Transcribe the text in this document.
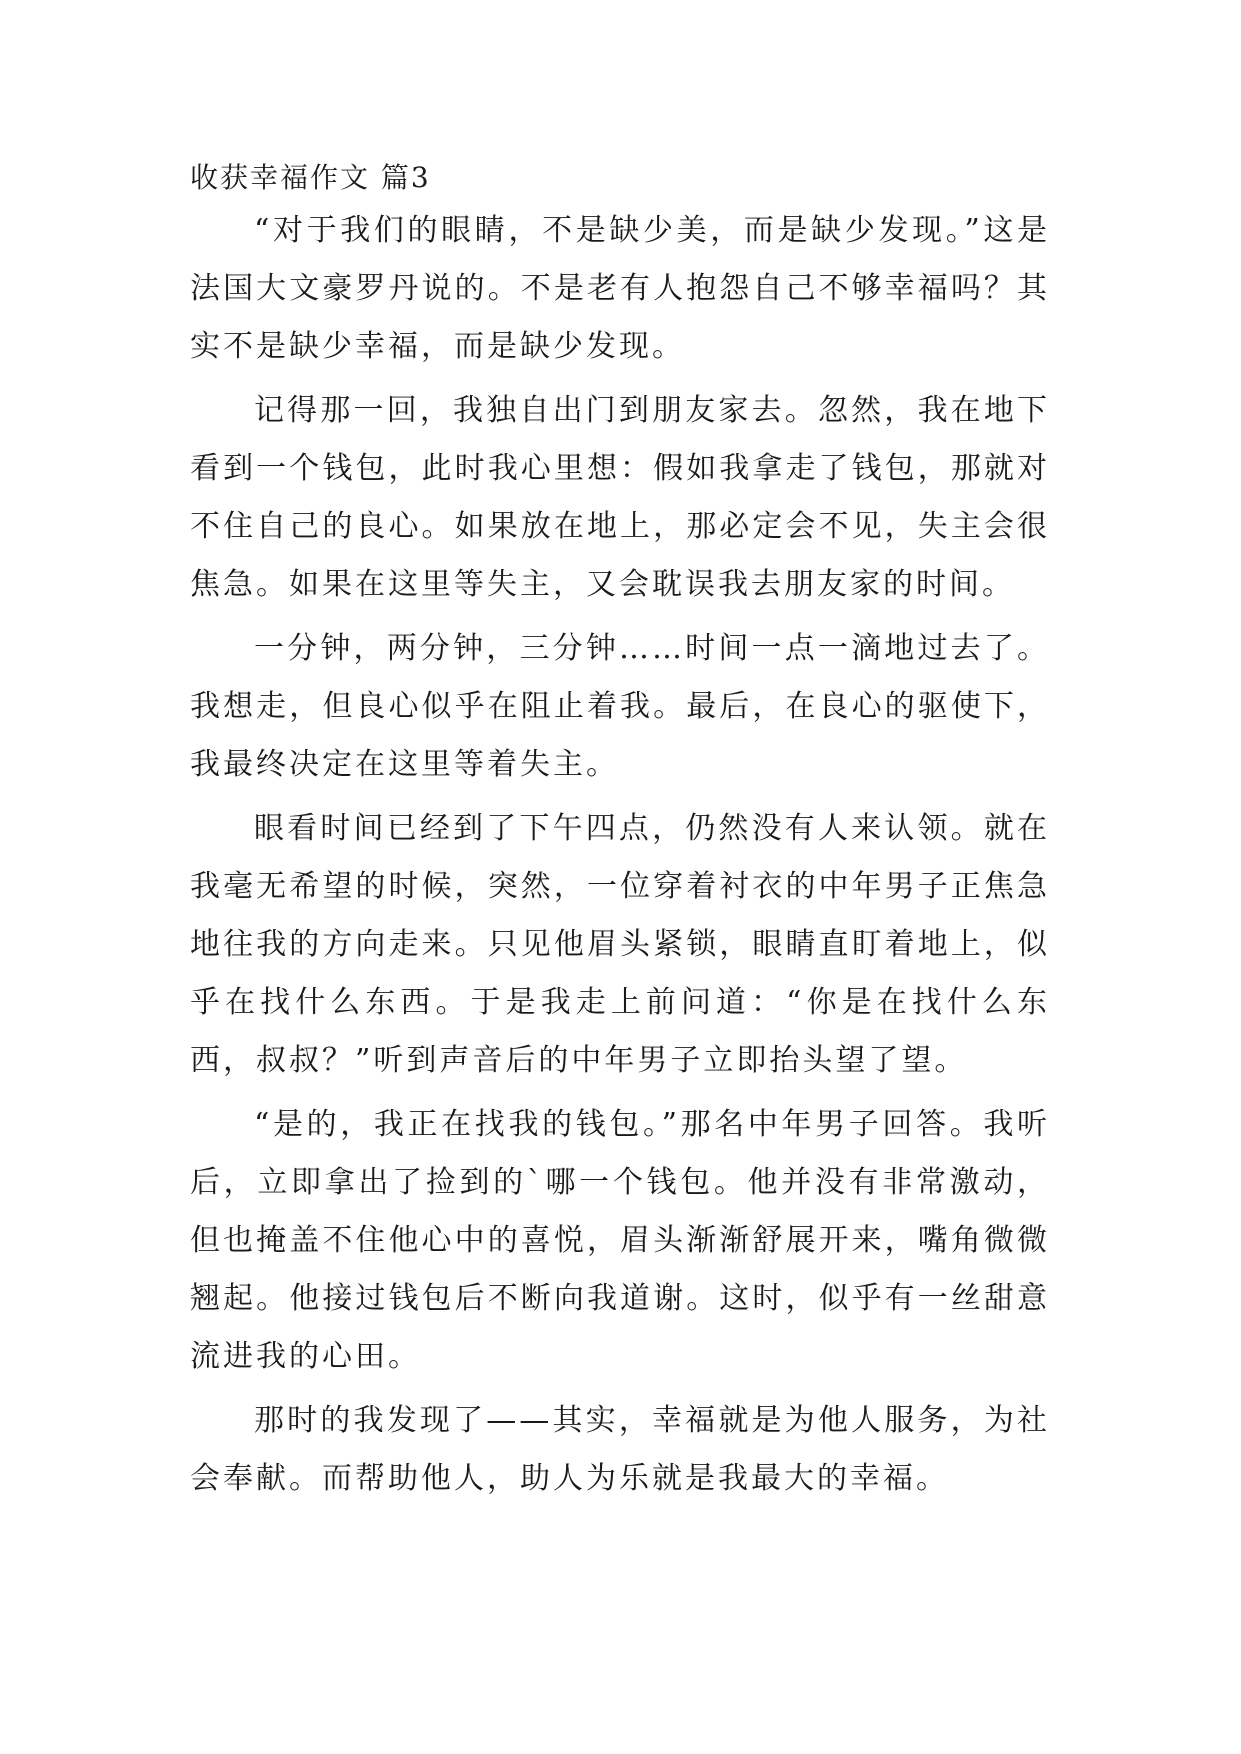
收获幸福作文 篇3

“对于我们的眼睛，不是缺少美，而是缺少发现。”这是法国大文豪罗丹说的。不是老有人抱怨自己不够幸福吗？其实不是缺少幸福，而是缺少发现。

记得那一回，我独自出门到朋友家去。忽然，我在地下看到一个钱包，此时我心里想：假如我拿走了钱包，那就对不住自己的良心。如果放在地上，那必定会不见，失主会很焦急。如果在这里等失主，又会耽误我去朋友家的时间。

一分钟，两分钟，三分钟……时间一点一滴地过去了。我想走，但良心似乎在阻止着我。最后，在良心的驱使下，我最终决定在这里等着失主。

眼看时间已经到了下午四点，仍然没有人来认领。就在我毫无希望的时候，突然，一位穿着衬衣的中年男子正焦急地往我的方向走来。只见他眉头紧锁，眼睛直盯着地上，似乎在找什么东西。于是我走上前问道：“你是在找什么东西，叔叔？”听到声音后的中年男子立即抬头望了望。

“是的，我正在找我的钱包。”那名中年男子回答。我听后，立即拿出了捡到的`哪一个钱包。他并没有非常激动，但也掩盖不住他心中的喜悦，眉头渐渐舒展开来，嘴角微微翘起。他接过钱包后不断向我道谢。这时，似乎有一丝甜意流进我的心田。

那时的我发现了——其实，幸福就是为他人服务，为社会奉献。而帮助他人，助人为乐就是我最大的幸福。
